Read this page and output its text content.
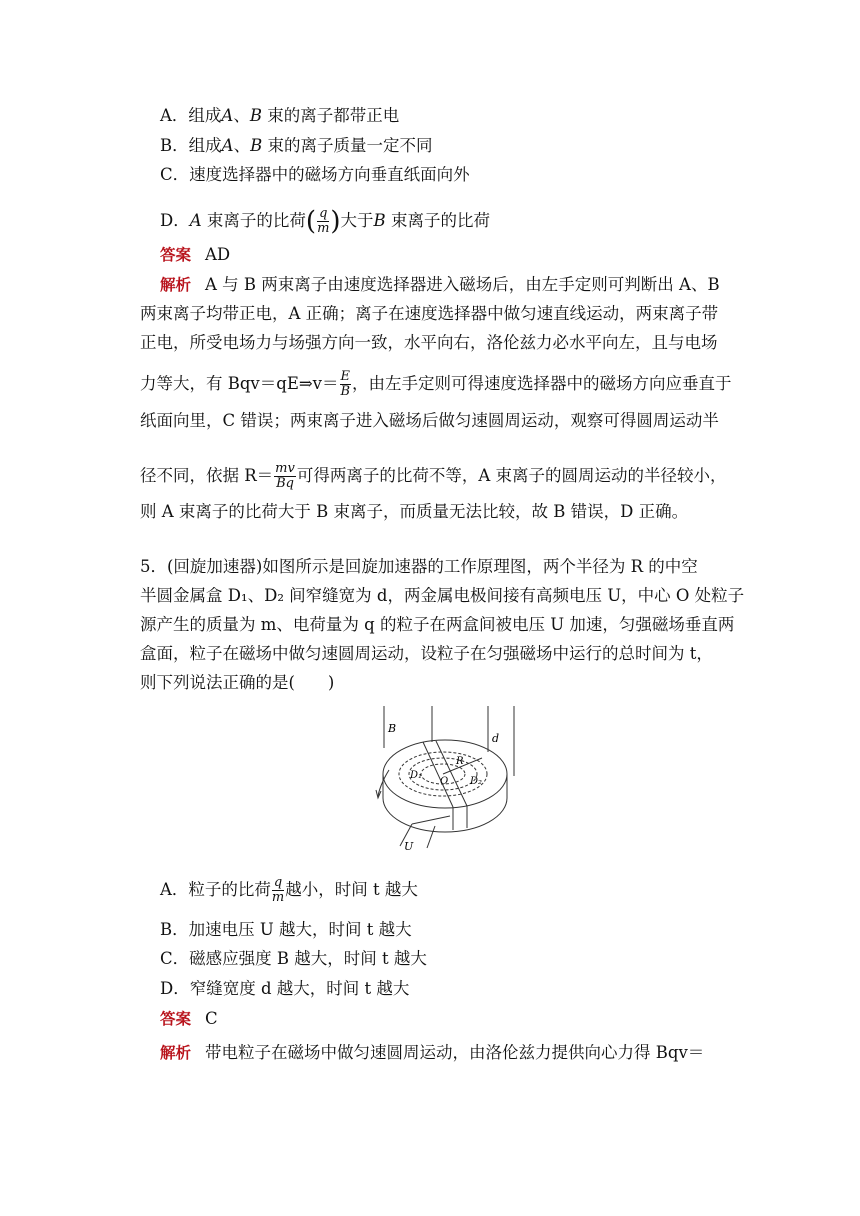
A．组成A、B 束的离子都带正电
B．组成A、B 束的离子质量一定不同
C．速度选择器中的磁场方向垂直纸面向外
D．A 束离子的比荷( $\frac{q}{m}$ )大于B 束离子的比荷
答案 AD
解析 A 与 B 两束离子由速度选择器进入磁场后，由左手定则可判断出 A、B
两束离子均带正电，A 正确；离子在速度选择器中做匀速直线运动，两束离子带
正电，所受电场力与场强方向一致，水平向右，洛伦兹力必水平向左，且与电场
力等大，有 Bqv＝qE⇒v＝ $\frac{E}{B}$ ，由左手定则可得速度选择器中的磁场方向应垂直于
纸面向里，C 错误；两束离子进入磁场后做匀速圆周运动，观察可得圆周运动半
径不同，依据 $R= \frac{mv}{Bq}$ 可得两离子的比荷不等，A 束离子的圆周运动的半径较小，
则 A 束离子的比荷大于 B 束离子，而质量无法比较，故 B 错误，D 正确。
5．(回旋加速器)如图所示是回旋加速器的工作原理图，两个半径为 R 的中空
半圆金属盒 D₁、D₂ 间窄缝宽为 d，两金属电极间接有高频电压 U，中心 O 处粒子
源产生的质量为 m、电荷量为 q 的粒子在两盒间被电压 U 加速，匀强磁场垂直两
盒面，粒子在磁场中做匀速圆周运动，设粒子在匀强磁场中运行的总时间为 t，
则下列说法正确的是(　　)
B
d
R
O
D₁
D₂
U
A．粒子的比荷 $\frac{q}{m}$ 越小，时间 t 越大
B．加速电压 U 越大，时间 t 越大
C．磁感应强度 B 越大，时间 t 越大
D．窄缝宽度 d 越大，时间 t 越大
答案 C
解析 带电粒子在磁场中做匀速圆周运动，由洛伦兹力提供向心力得 Bqv＝
